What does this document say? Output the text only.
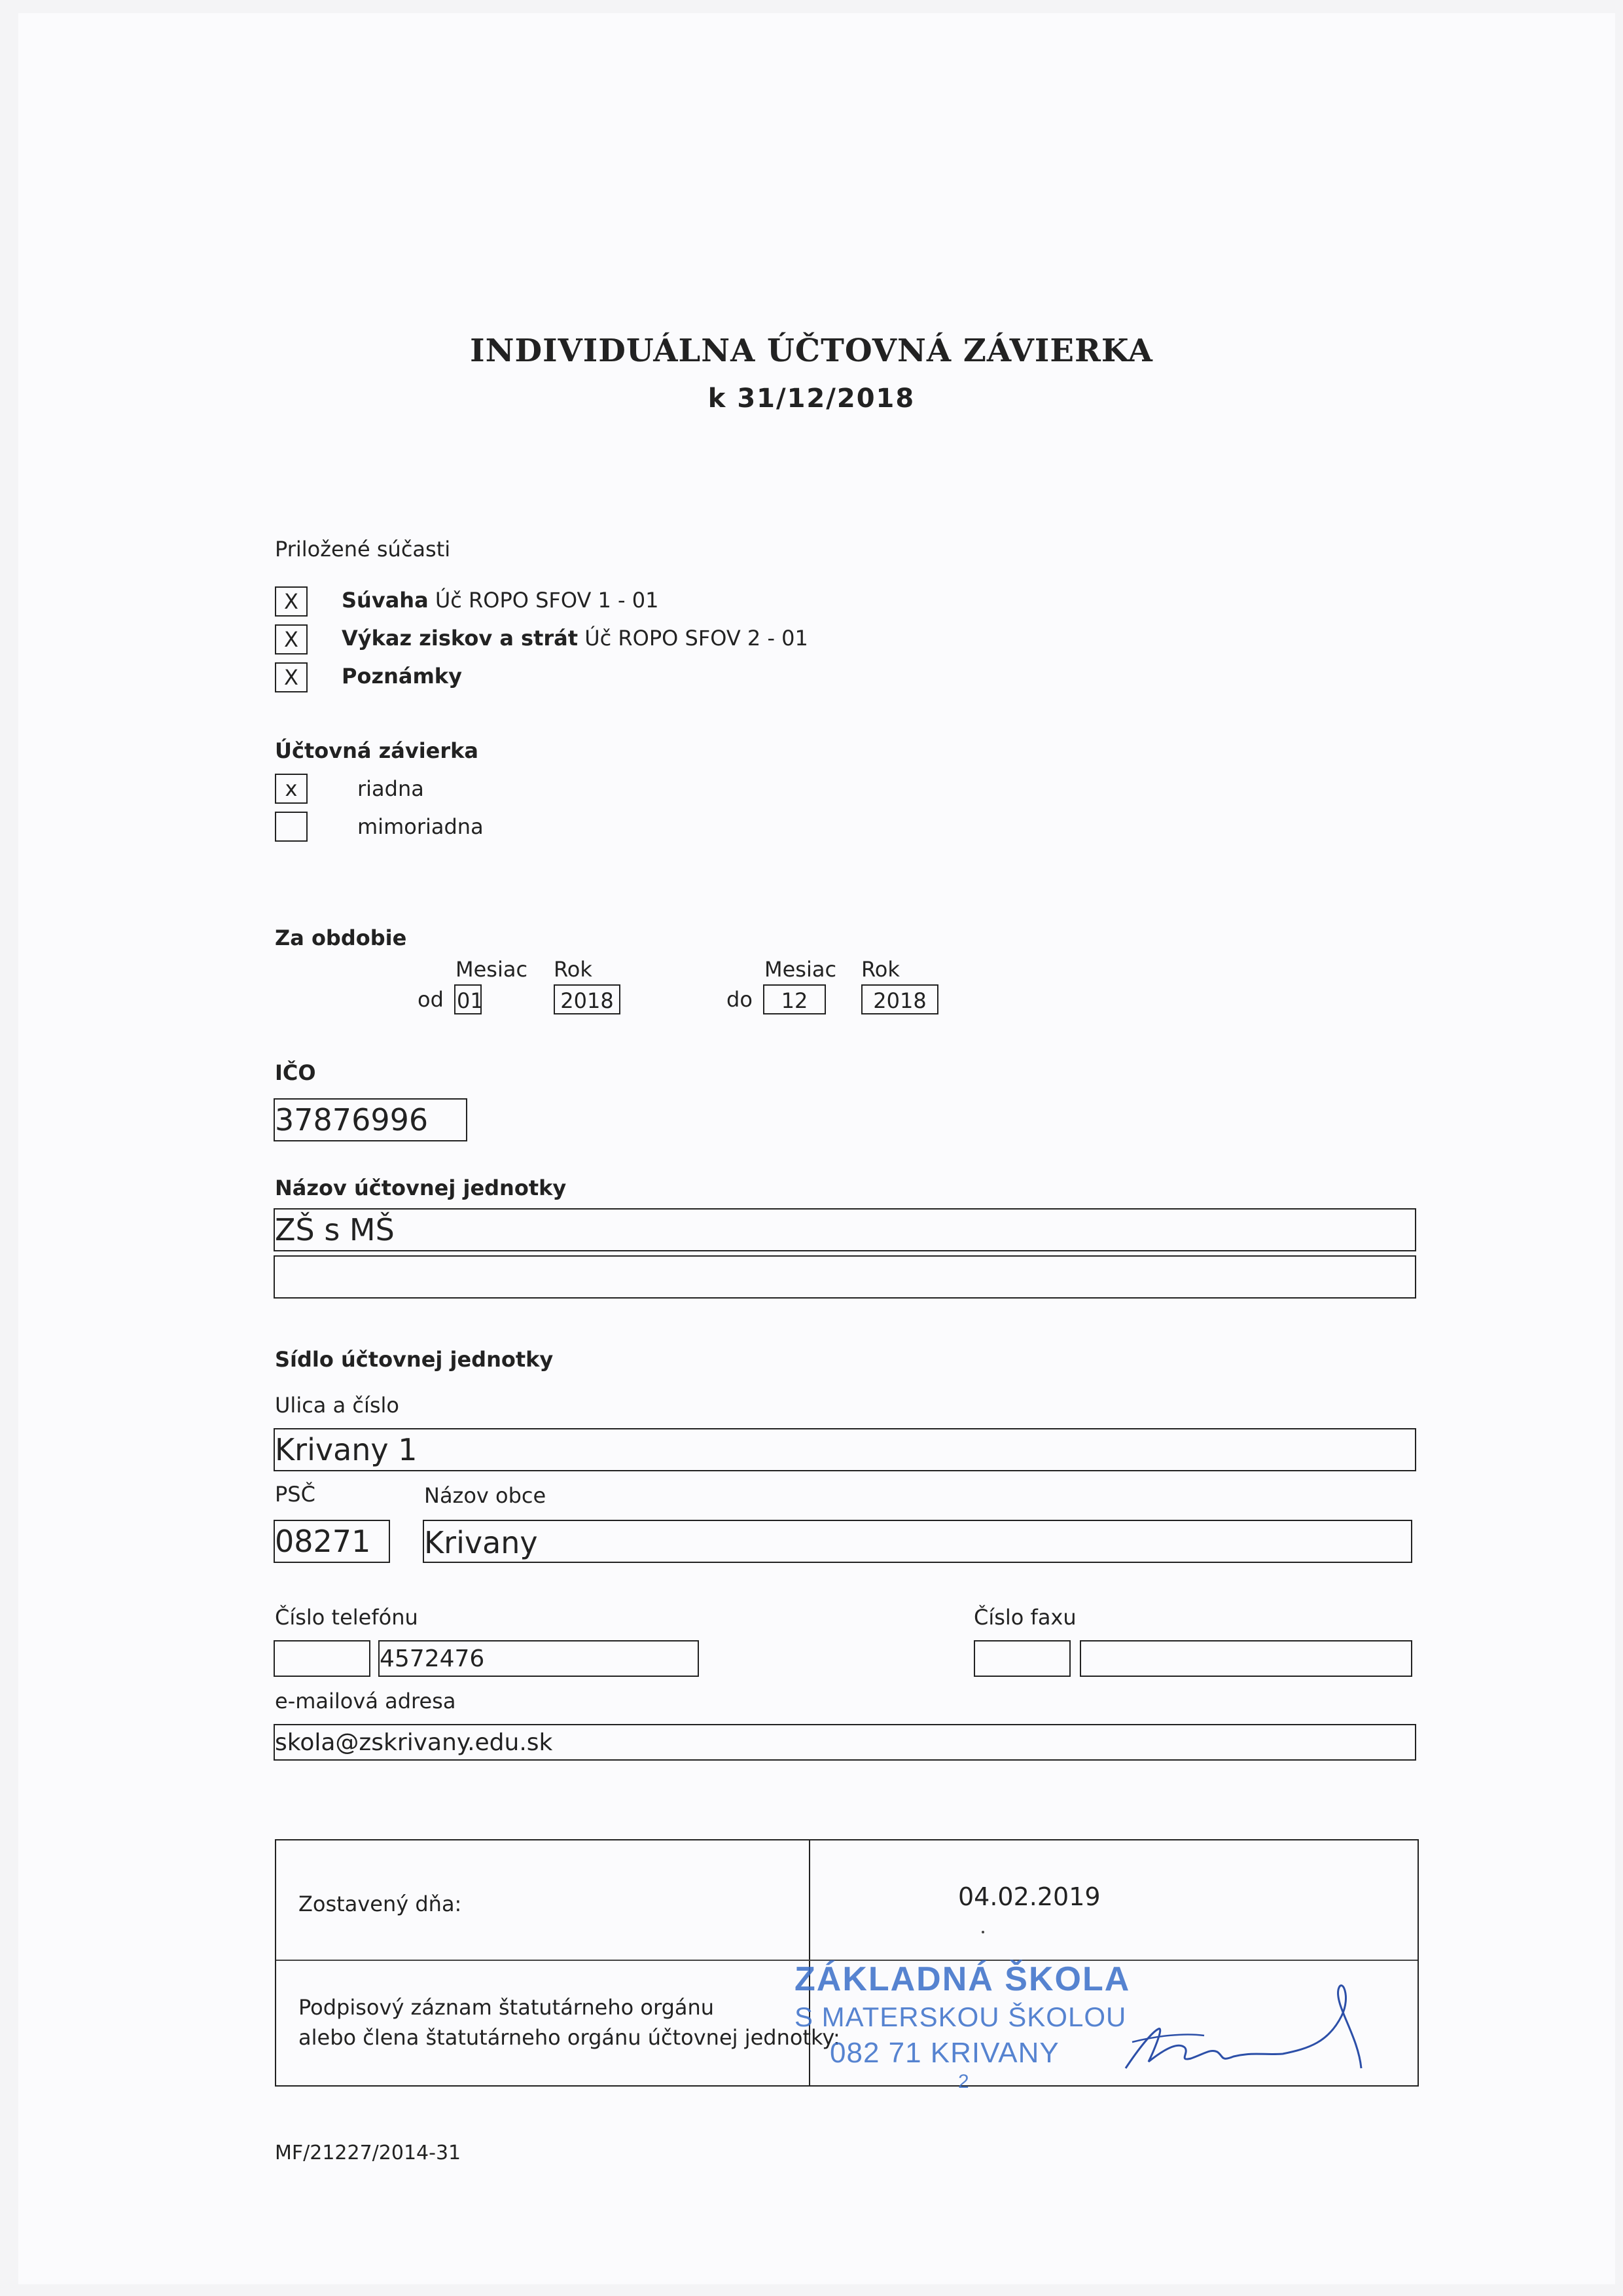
INDIVIDUÁLNA ÚČTOVNÁ ZÁVIERKA
k 31/12/2018
Priložené súčasti
X	Súvaha Úč ROPO SFOV 1 - 01
X	Výkaz ziskov a strát Úč ROPO SFOV 2 - 01
X	Poznámky
Účtovná závierka
x	riadna
mimoriadna
Za obdobie
Mesiac Rok	Mesiac Rok
od 01	2018	do	12	2018
IČO
37876996
Názov účtovnej jednotky
ZŠ s MŠ
Sídlo účtovnej jednotky
Ulica a číslo
Krivany 1
PSČ	Názov obce
08271 Krivany
Číslo telefónu	Číslo faxu
4572476
e-mailová adresa
skola@zskrivany.edu.sk
Zostavený dňa:	04.02.2019
Podpisový záznam štatutárneho orgánu
alebo člena štatutárneho orgánu účtovnej jednotky:
ZÁKLADNÁ ŠKOLA
S MATERSKOU ŠKOLOU
082 71 KRIVANY
2
MF/21227/2014-31
